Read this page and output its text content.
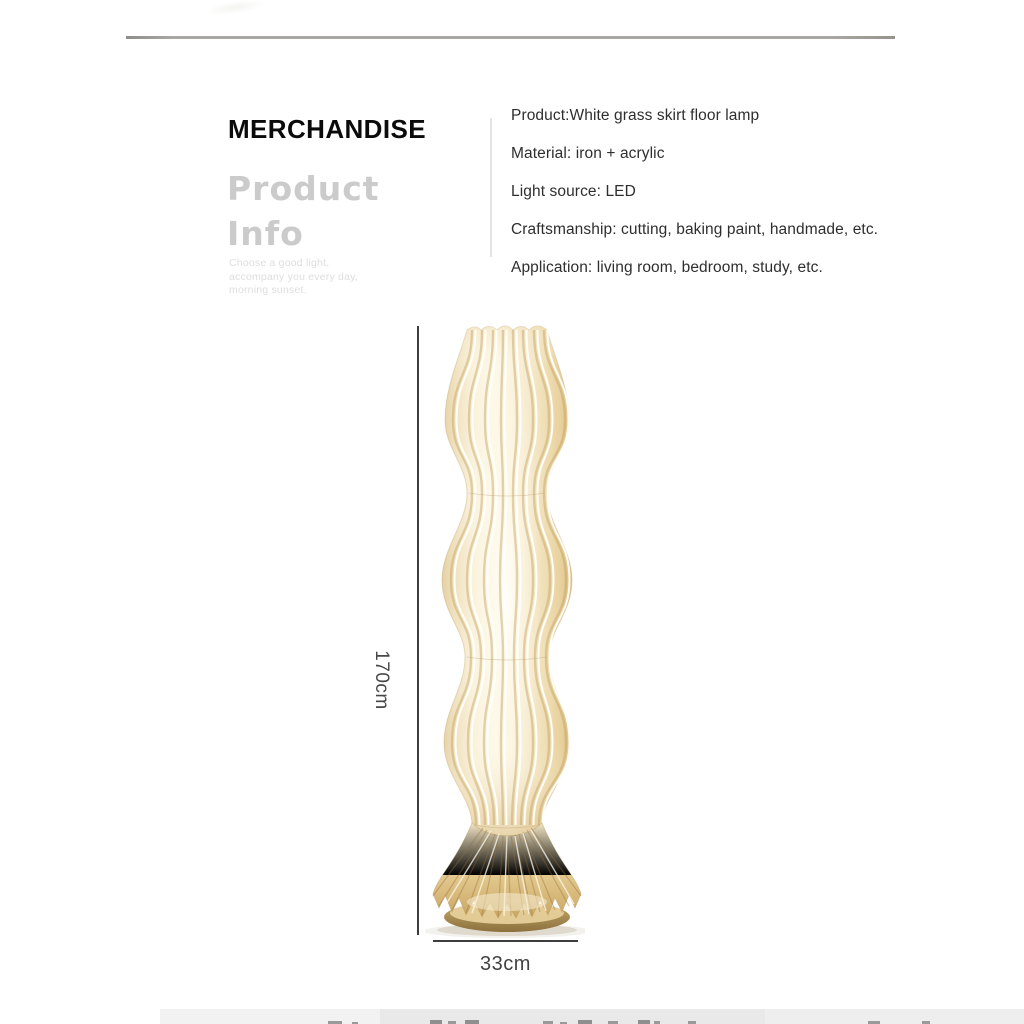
MERCHANDISE
Product
Info
Choose a good light,
accompany you every day,
morning sunset.
Product:White grass skirt floor lamp
Material: iron + acrylic
Light source: LED
Craftsmanship: cutting, baking paint, handmade, etc.
Application: living room, bedroom, study, etc.
170cm
33cm
